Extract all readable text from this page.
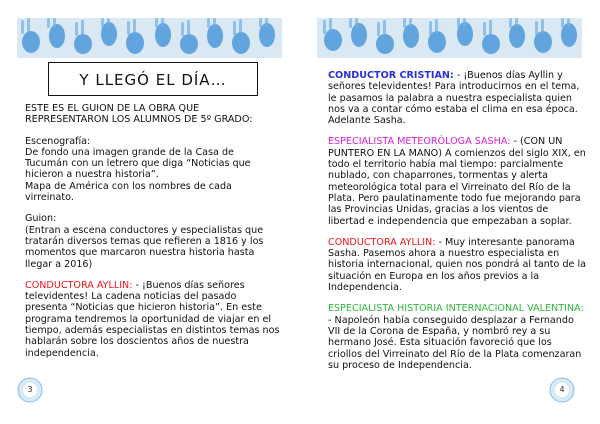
Y LLEGÓ EL DÍA…
ESTE ES EL GUION DE LA OBRA QUE REPRESENTARON LOS ALUMNOS DE 5º GRADO:
Escenografía:
De fondo una imagen grande de la Casa de Tucumán con un letrero que diga “Noticias que hicieron a nuestra historia”.
Mapa de América con los nombres de cada virreinato.
Guion:
(Entran a escena conductores y especialistas que tratarán diversos temas que refieren a 1816 y los momentos que marcaron nuestra historia hasta llegar a 2016)
CONDUCTORA AYLLIN: - ¡Buenos días señores televidentes! La cadena noticias del pasado presenta “Noticias que hicieron historia”. En este programa tendremos la oportunidad de viajar en el tiempo, además especialistas en distintos temas nos hablarán sobre los doscientos años de nuestra independencia.
3
CONDUCTOR CRISTIAN: - ¡Buenos días Ayllin y señores televidentes! Para introducirnos en el tema, le pasamos la palabra a nuestra especialista quien nos va a contar cómo estaba el clima en esa época. Adelante Sasha.
ESPECIALISTA METEORÓLOGA SASHA: - (CON UN PUNTERO EN LA MANO) A comienzos del siglo XIX, en todo el territorio había mal tiempo: parcialmente nublado, con chaparrones, tormentas y alerta meteorológica total para el Virreinato del Río de la Plata. Pero paulatinamente todo fue mejorando para las Provincias Unidas, gracias a los vientos de libertad e independencia que empezaban a soplar.
CONDUCTORA AYLLIN: - Muy interesante panorama Sasha. Pasemos ahora a nuestro especialista en historia internacional, quien nos pondrá al tanto de la situación en Europa en los años previos a la Independencia.
ESPECIALISTA HISTORIA INTERNACIONAL VALENTINA: - Napoleón había conseguido desplazar a Fernando VII de la Corona de España, y nombró rey a su hermano José. Esta situación favoreció que los criollos del Virreinato del Río de la Plata comenzaran su proceso de Independencia.
4
